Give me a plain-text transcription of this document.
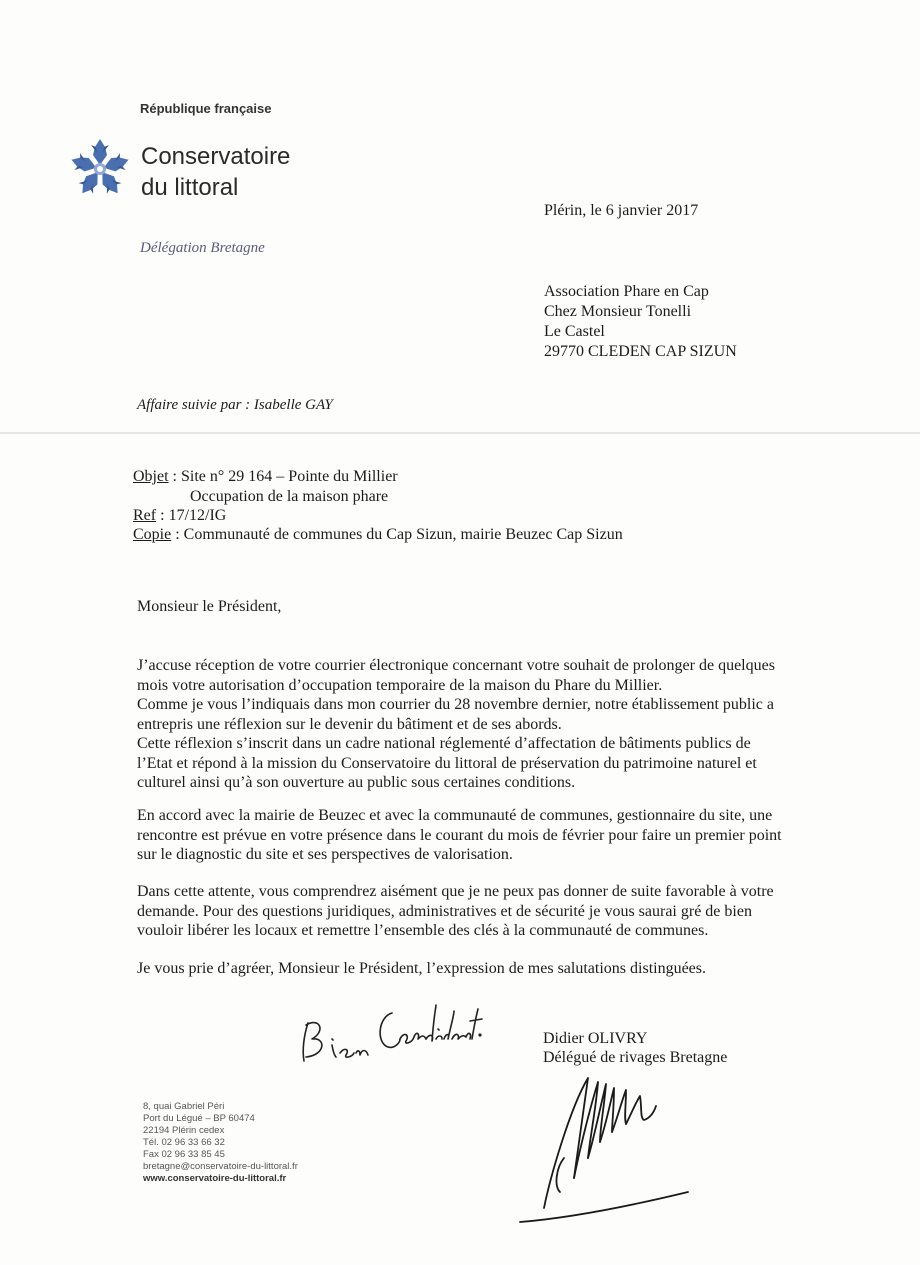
République française
Conservatoire
du littoral
Délégation Bretagne
Plérin, le 6 janvier 2017
Association Phare en Cap
Chez Monsieur Tonelli
Le Castel
29770 CLEDEN CAP SIZUN
Affaire suivie par : Isabelle GAY
Objet : Site n° 29 164 – Pointe du Millier
Occupation de la maison phare
Ref : 17/12/IG
Copie : Communauté de communes du Cap Sizun, mairie Beuzec Cap Sizun
Monsieur le Président,
J’accuse réception de votre courrier électronique concernant votre souhait de prolonger de quelques
mois votre autorisation d’occupation temporaire de la maison du Phare du Millier.
Comme je vous l’indiquais dans mon courrier du 28 novembre dernier, notre établissement public a
entrepris une réflexion sur le devenir du bâtiment et de ses abords.
Cette réflexion s’inscrit dans un cadre national réglementé d’affectation de bâtiments publics de
l’Etat et répond à la mission du Conservatoire du littoral de préservation du patrimoine naturel et
culturel ainsi qu’à son ouverture au public sous certaines conditions.
En accord avec la mairie de Beuzec et avec la communauté de communes, gestionnaire du site, une
rencontre est prévue en votre présence dans le courant du mois de février pour faire un premier point
sur le diagnostic du site et ses perspectives de valorisation.
Dans cette attente, vous comprendrez aisément que je ne peux pas donner de suite favorable à votre
demande. Pour des questions juridiques, administratives et de sécurité je vous saurai gré de bien
vouloir libérer les locaux et remettre l’ensemble des clés à la communauté de communes.
Je vous prie d’agréer, Monsieur le Président, l’expression de mes salutations distinguées.
Didier OLIVRY
Délégué de rivages Bretagne
8, quai Gabriel Péri
Port du Légué – BP 60474
22194 Plérin cedex
Tél. 02 96 33 66 32
Fax 02 96 33 85 45
bretagne@conservatoire-du-littoral.fr
www.conservatoire-du-littoral.fr
